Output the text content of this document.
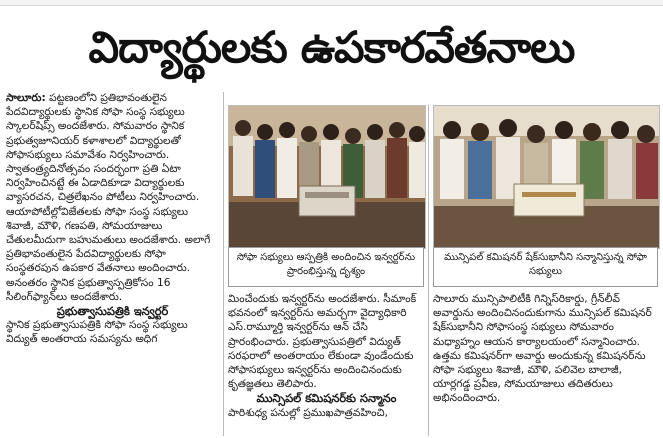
విద్యార్థులకు ఉపకారవేతనాలు

సాలూరు: పట్టణంలోని ప్రతిభావంతులైన పేదవిద్యార్థులకు స్థానిక సోఫా సంస్థ సభ్యులు స్కాలర్‌షిప్స్ అందజేశారు. సోమవారం స్థానిక ప్రభుత్వజూనియర్ కళాశాలలో విద్యార్థులతో సోఫాసభ్యులు సమావేశం నిర్వహించారు. స్వాతంత్ర్యదినోత్సవం సందర్భంగా ప్రతి ఏటా నిర్వహించినట్టే ఈ ఏడాదికూడా విద్యార్థులకు వ్యాసరచన, చిత్రలేఖనం పోటీలు నిర్వహించారు. ఆయాపోటీల్లోవిజేతలకు సోఫా సంస్థ సభ్యులు శివాజీ, మౌళి, గణపతి, సోమయాజులు చేతులమీదుగా బహుమతులు అందజేశారు. అలాగే ప్రతిభావంతులైన పేదవిద్యార్థులకు సోఫా సంస్థతరపున ఉపకార వేతనాలు అందించారు. అనంతరం స్థానిక ప్రభుత్వాస్పత్రికోసం 16 సీలింగ్‌ఫ్యాన్‌లు అందజేశారు.

ప్రభుత్వాసుపత్రికి ఇన్వర్టర్

స్థానిక ప్రభుత్వాసుపత్రికి సోఫా సంస్థ సభ్యులు విద్యుత్ అంతరాయ సమస్యను అధిగ

సోఫా సభ్యులు ఆస్పత్రికి అందించిన ఇన్వర్టర్‌ను ప్రారంభిస్తున్న దృశ్యం
మున్సిపల్ కమిషనర్ షేక్‌సుభానీని సన్మానిస్తున్న సోఫా సభ్యులు

మించేందుకు ఇన్వర్టర్‌ను అందజేశారు. సీమాంక్ భవనంలో ఇన్వర్టర్‌ను అమర్చగా వైద్యాధికారి ఎస్.రామ్మూర్తి ఇన్వర్టర్‌ను ఆన్ చేసి ప్రారంభించారు. ప్రభుత్వాసుపత్రిలో విద్యుత్ సరఫరాలో అంతరాయం లేకుండా వుండేందుకు సోఫాసభ్యులు ఇన్వర్టర్‌ను అందించినందుకు కృతజ్ఞతలు తెలిపారు.

మున్సిపల్ కమిషనర్‌కు సన్మానం

పారిశుధ్య పనుల్లో ప్రముఖపాత్రవహించి,

సాలూరు మున్సిపాలిటీకి గిన్నిస్‌రికార్డు, గ్రీన్‌లీవ్ అవార్డును అందించినందుకుగాను మున్సిపల్ కమిషనర్ షేక్‌సుభానీని సోఫాసంస్థ సభ్యులు సోమవారం మధ్యాహ్నం ఆయన కార్యాలయంలో సన్మానించారు. ఉత్తమ కమిషనర్‌గా అవార్డు అందుకున్న కమిషనర్‌ను సోఫా సభ్యులు శివాజీ, మౌళి, పలివెల బాలాజీ, యార్లగడ్డ ప్రవీణ, సోమయాజులు తదితరులు అభినందించారు.
